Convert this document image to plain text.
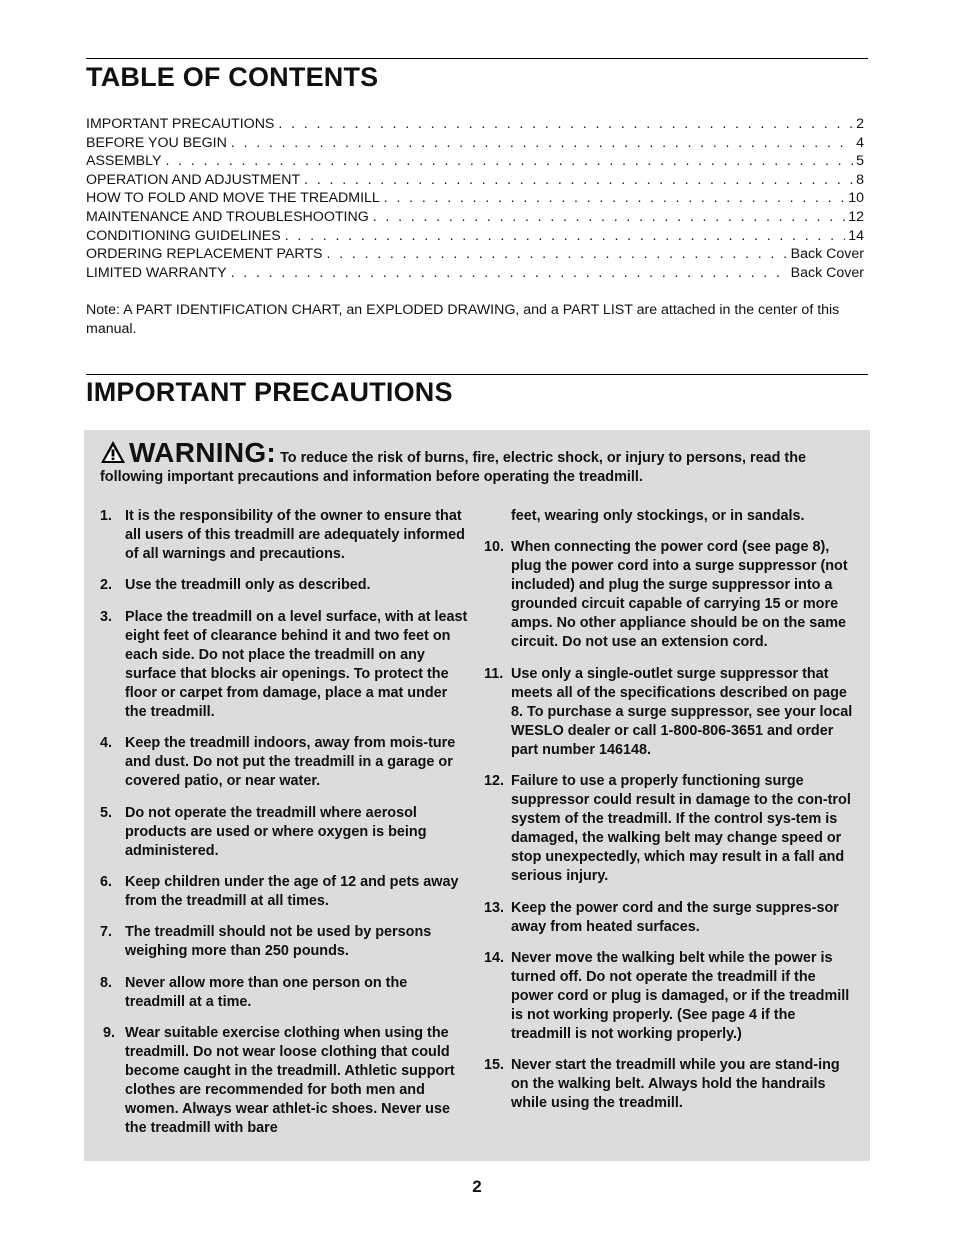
TABLE OF CONTENTS
IMPORTANT PRECAUTIONS . . .	2
BEFORE YOU BEGIN . . .	4
ASSEMBLY . . .	5
OPERATION AND ADJUSTMENT . . .	8
HOW TO FOLD AND MOVE THE TREADMILL . . .	10
MAINTENANCE AND TROUBLESHOOTING . . .	12
CONDITIONING GUIDELINES . . .	14
ORDERING REPLACEMENT PARTS . . .	Back Cover
LIMITED WARRANTY . . .	Back Cover

Note: A PART IDENTIFICATION CHART, an EXPLODED DRAWING, and a PART LIST are attached in the center of this manual.

IMPORTANT PRECAUTIONS

WARNING: To reduce the risk of burns, fire, electric shock, or injury to persons, read the following important precautions and information before operating the treadmill.

1. It is the responsibility of the owner to ensure that all users of this treadmill are adequately informed of all warnings and precautions.
2. Use the treadmill only as described.
3. Place the treadmill on a level surface, with at least eight feet of clearance behind it and two feet on each side. Do not place the treadmill on any surface that blocks air openings. To protect the floor or carpet from damage, place a mat under the treadmill.
4. Keep the treadmill indoors, away from mois-ture and dust. Do not put the treadmill in a garage or covered patio, or near water.
5. Do not operate the treadmill where aerosol products are used or where oxygen is being administered.
6. Keep children under the age of 12 and pets away from the treadmill at all times.
7. The treadmill should not be used by persons weighing more than 250 pounds.
8. Never allow more than one person on the treadmill at a time.
9. Wear suitable exercise clothing when using the treadmill. Do not wear loose clothing that could become caught in the treadmill. Athletic support clothes are recommended for both men and women. Always wear athlet-ic shoes. Never use the treadmill with bare
feet, wearing only stockings, or in sandals.
10. When connecting the power cord (see page 8), plug the power cord into a surge suppressor (not included) and plug the surge suppressor into a grounded circuit capable of carrying 15 or more amps. No other appliance should be on the same circuit. Do not use an extension cord.
11. Use only a single-outlet surge suppressor that meets all of the specifications described on page 8. To purchase a surge suppressor, see your local WESLO dealer or call 1-800-806-3651 and order part number 146148.
12. Failure to use a properly functioning surge suppressor could result in damage to the con-trol system of the treadmill. If the control sys-tem is damaged, the walking belt may change speed or stop unexpectedly, which may result in a fall and serious injury.
13. Keep the power cord and the surge suppres-sor away from heated surfaces.
14. Never move the walking belt while the power is turned off. Do not operate the treadmill if the power cord or plug is damaged, or if the treadmill is not working properly. (See page 4 if the treadmill is not working properly.)
15. Never start the treadmill while you are stand-ing on the walking belt. Always hold the handrails while using the treadmill.
2
